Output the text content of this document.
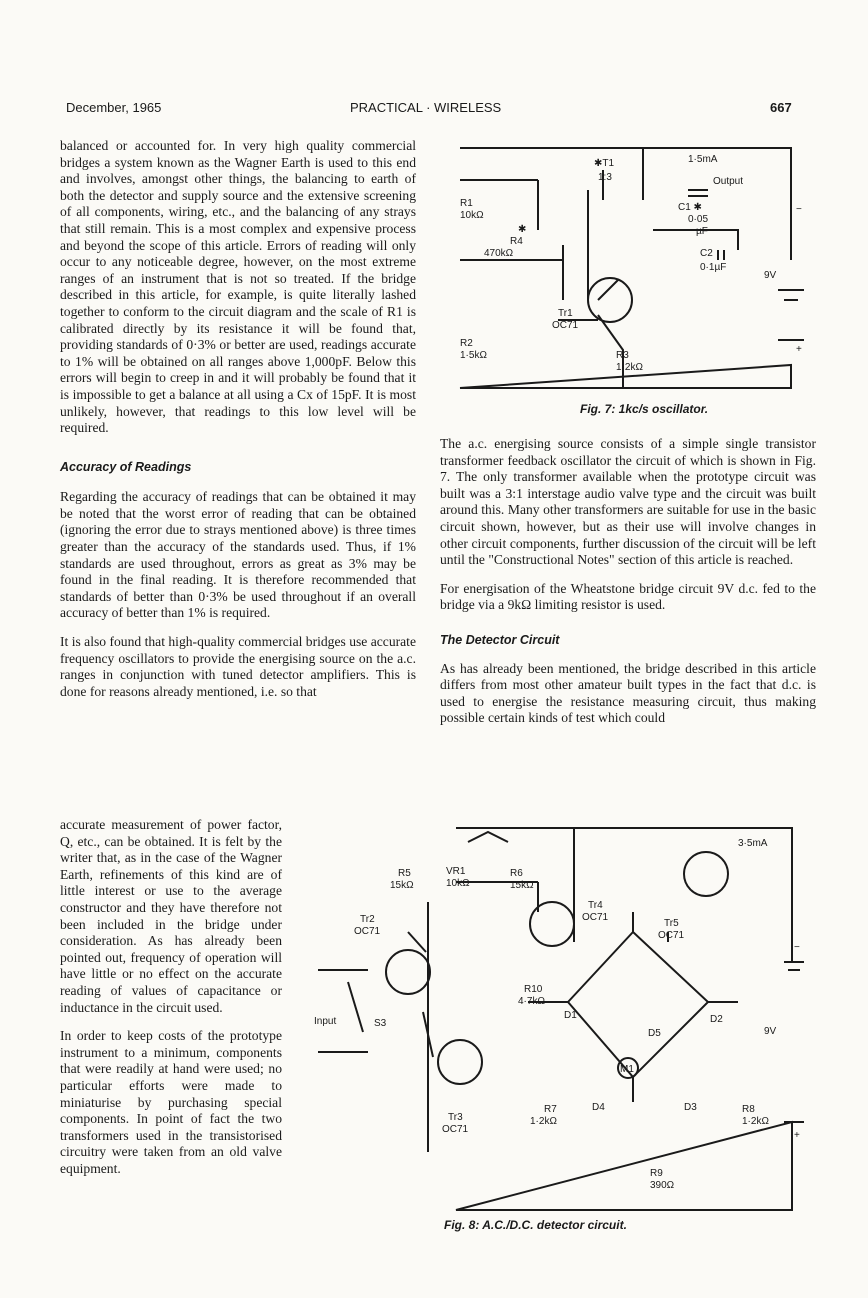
December, 1965	PRACTICAL · WIRELESS	667

balanced or accounted for. In very high quality commercial bridges a system known as the Wagner Earth is used to this end and involves, amongst other things, the balancing to earth of both the detector and supply source and the extensive screening of all components, wiring, etc., and the balancing of any strays that still remain. This is a most complex and expensive process and beyond the scope of this article. Errors of reading will only occur to any noticeable degree, however, on the most extreme ranges of an instrument that is not so treated. If the bridge described in this article, for example, is quite literally lashed together to conform to the circuit diagram and the scale of R1 is calibrated directly by its resistance it will be found that, providing standards of 0·3% or better are used, readings accurate to 1% will be obtained on all ranges above 1,000pF. Below this errors will begin to creep in and it will probably be found that it is impossible to get a balance at all using a Cx of 15pF. It is most unlikely, however, that readings to this low level will be required.

Accuracy of Readings

Regarding the accuracy of readings that can be obtained it may be noted that the worst error of reading that can be obtained (ignoring the error due to strays mentioned above) is three times greater than the accuracy of the standards used. Thus, if 1% standards are used throughout, errors as great as 3% may be found in the final reading. It is therefore recommended that standards of better than 0·3% be used throughout if an overall accuracy of better than 1% is required.

It is also found that high-quality commercial bridges use accurate frequency oscillators to provide the energising source on the a.c. ranges in conjunction with tuned detector amplifiers. This is done for reasons already mentioned, i.e. so that

accurate measurement of power factor, Q, etc., can be obtained. It is felt by the writer that, as in the case of the Wagner Earth, refinements of this kind are of little interest or use to the average constructor and they have therefore not been included in the bridge under consideration. As has already been pointed out, frequency of operation will have little or no effect on the accurate reading of values of capacitance or inductance in the circuit used.

In order to keep costs of the prototype instrument to a minimum, components that were readily at hand were used; no particular efforts were made to miniaturise by purchasing special components. In point of fact the two transformers used in the transistorised circuitry were taken from an old valve equipment.

The a.c. energising source consists of a simple single transistor transformer feedback oscillator the circuit of which is shown in Fig. 7. The only transformer available when the prototype circuit was built was a 3:1 interstage audio valve type and the circuit was built around this. Many other transformers are suitable for use in the basic circuit shown, however, but as their use will involve changes in other circuit components, further discussion of the circuit will be left until the "Constructional Notes" section of this article is reached.

For energisation of the Wheatstone bridge circuit 9V d.c. fed to the bridge via a 9kΩ limiting resistor is used.

The Detector Circuit

As has already been mentioned, the bridge described in this article differs from most other amateur built types in the fact that d.c. is used to energise the resistance measuring circuit, thus making possible certain kinds of test which could

✱T1
1:3
1·5mA
Output
C1 ✱
0·05
µF
C2
0·1µF
9V
R1
10kΩ
✱
R4
470kΩ
Tr1
OC71
R2
1·5kΩ	R3
1·2kΩ
+
−
Fig. 7: 1kc/s oscillator.
3·5mA
VR1
10kΩ
R5
15kΩ
R6
15kΩ
Tr2
OC71
Tr4
OC71
Tr5
OC71
R10
4·7kΩ
D1	D2
D5
M1
D4	D3
Input	S3
Tr3
OC71
R7
1·2kΩ
R8
1·2kΩ
R9
390Ω
9V
+
−
Fig. 8: A.C./D.C. detector circuit.
